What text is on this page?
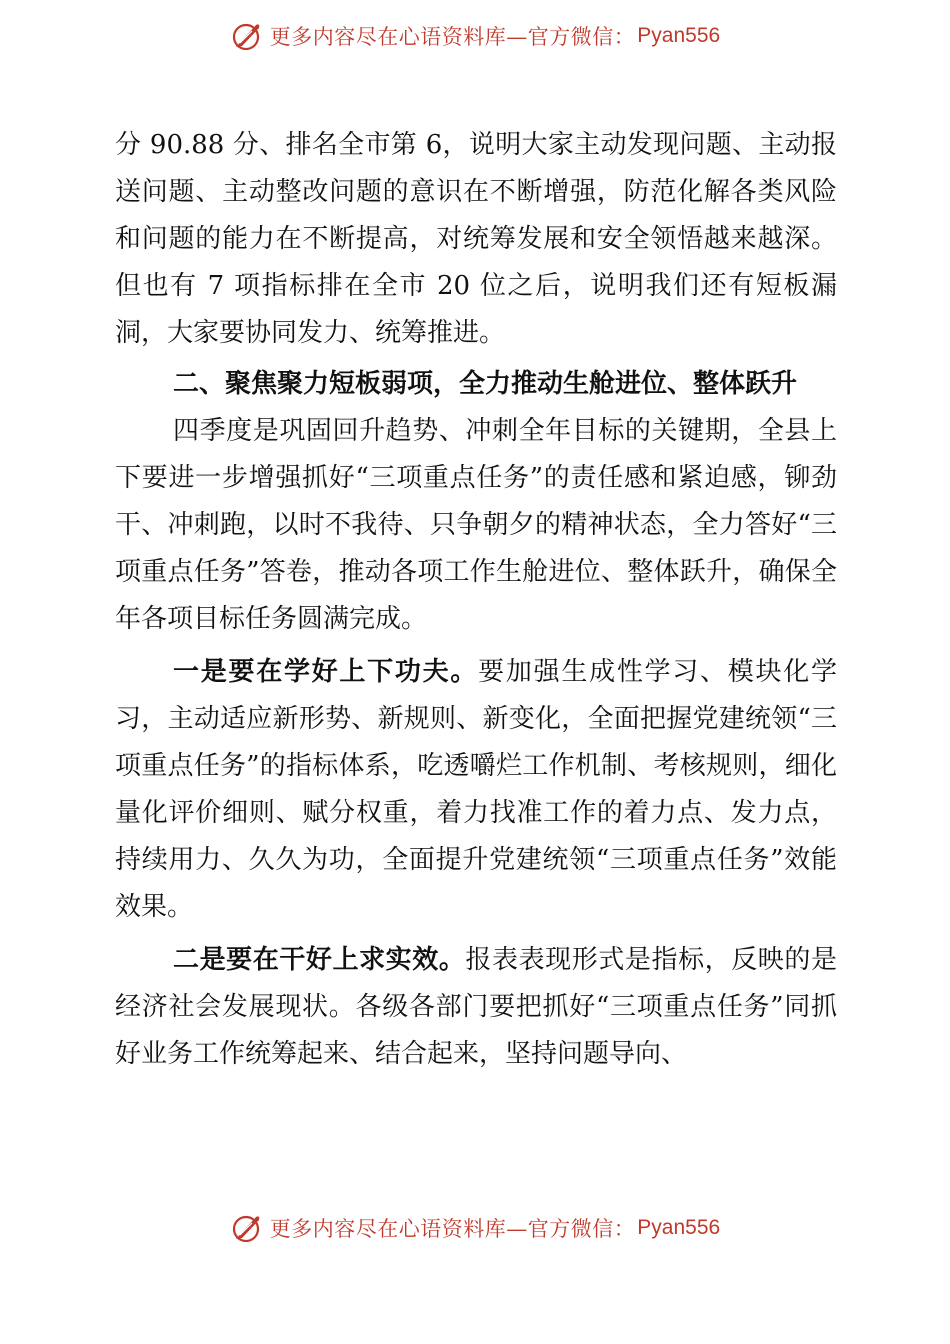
更多内容尽在心语资料库—官方微信： Pyan556

分 90.88 分、排名全市第 6，说明大家主动发现问题、主动报送问题、主动整改问题的意识在不断增强，防范化解各类风险和问题的能力在不断提高，对统筹发展和安全领悟越来越深。但也有 7 项指标排在全市 20 位之后，说明我们还有短板漏洞，大家要协同发力、统筹推进。

二、聚焦聚力短板弱项，全力推动生舱进位、整体跃升

四季度是巩固回升趋势、冲刺全年目标的关键期，全县上下要进一步增强抓好“三项重点任务”的责任感和紧迫感，铆劲干、冲刺跑，以时不我待、只争朝夕的精神状态，全力答好“三项重点任务”答卷，推动各项工作生舱进位、整体跃升，确保全年各项目标任务圆满完成。

一是要在学好上下功夫。要加强生成性学习、模块化学习，主动适应新形势、新规则、新变化，全面把握党建统领“三项重点任务”的指标体系，吃透嚼烂工作机制、考核规则，细化量化评价细则、赋分权重，着力找准工作的着力点、发力点，持续用力、久久为功，全面提升党建统领“三项重点任务”效能效果。

二是要在干好上求实效。报表表现形式是指标，反映的是经济社会发展现状。各级各部门要把抓好“三项重点任务”同抓好业务工作统筹起来、结合起来，坚持问题导向、

更多内容尽在心语资料库—官方微信： Pyan556
